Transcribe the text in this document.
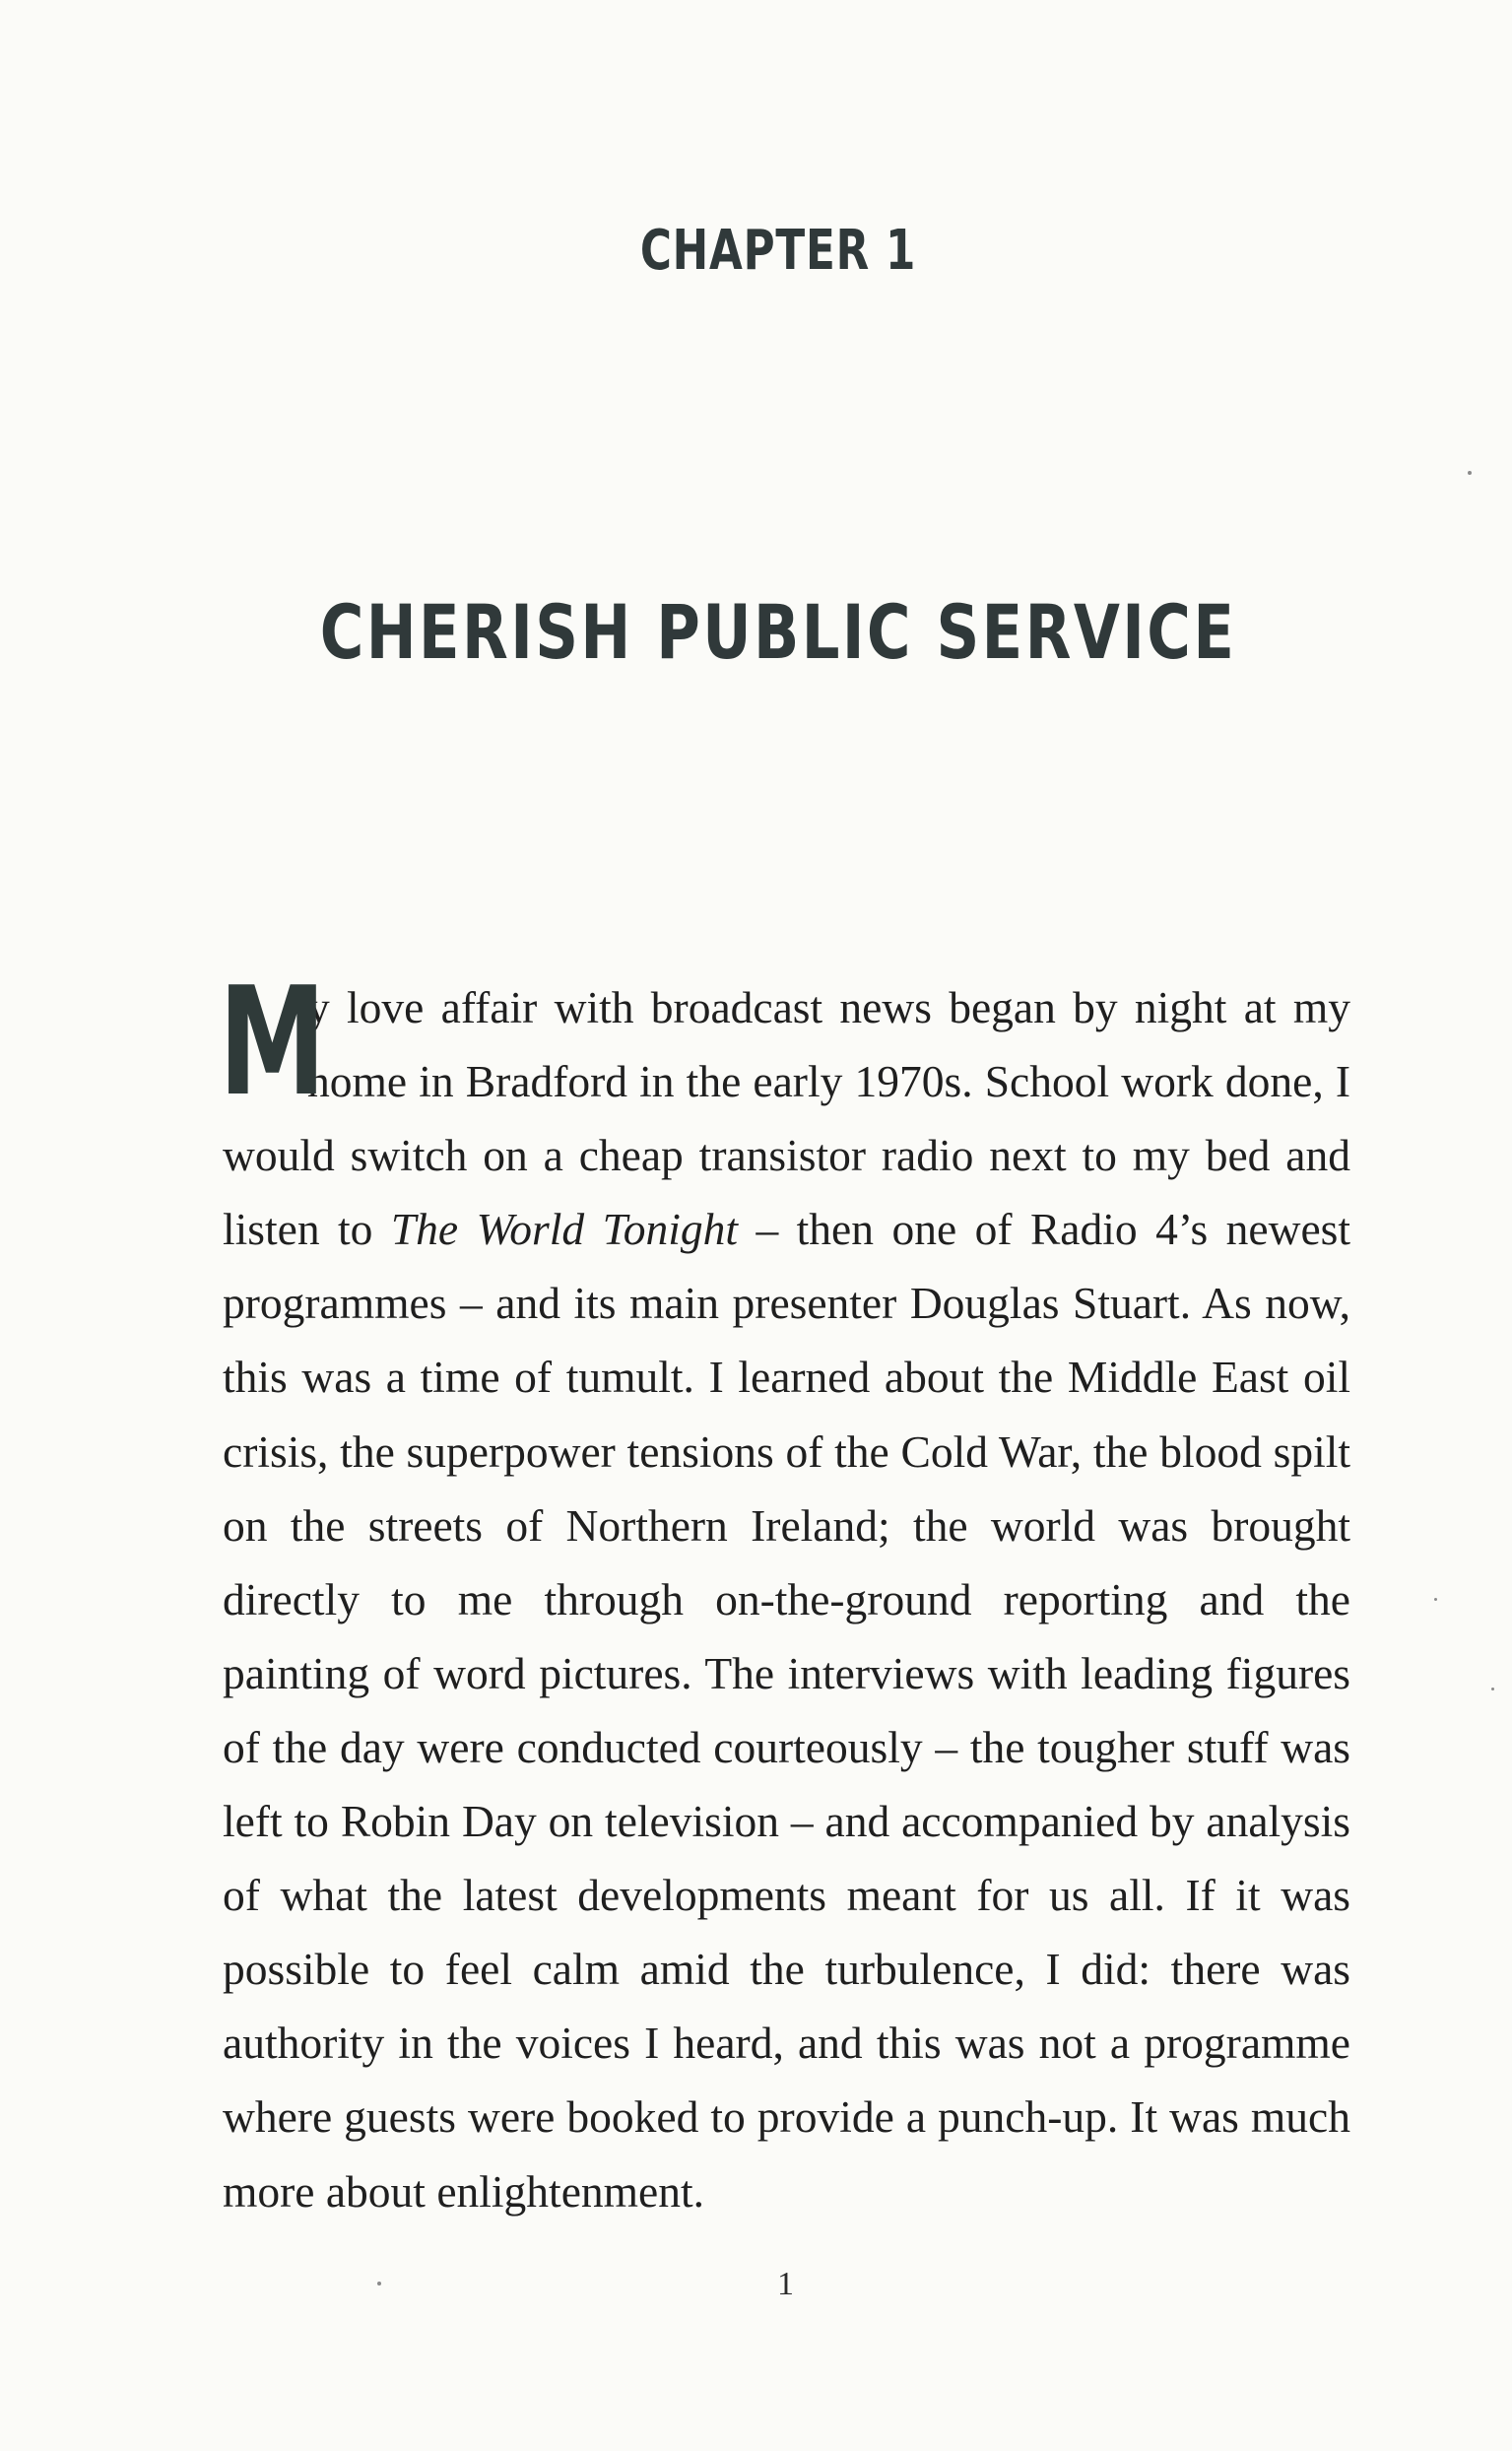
CHAPTER 1
CHERISH PUBLIC SERVICE

M
y love affair with broadcast news began by night at my home in Bradford in the early 1970s. School work done, I would switch on a cheap transistor radio next to my bed and listen to The World Tonight – then one of Radio 4’s newest programmes – and its main presenter Douglas Stuart. As now, this was a time of tumult. I learned about the Middle East oil crisis, the superpower tensions of the Cold War, the blood spilt on the streets of Northern Ireland; the world was brought directly to me through on-the-ground reporting and the painting of word pictures. The interviews with leading figures of the day were conducted courteously – the tougher stuff was left to Robin Day on television – and accompanied by analysis of what the latest developments meant for us all. If it was possible to feel calm amid the turbulence, I did: there was authority in the voices I heard, and this was not a programme where guests were booked to provide a punch-up. It was much more about enlightenment.

1
